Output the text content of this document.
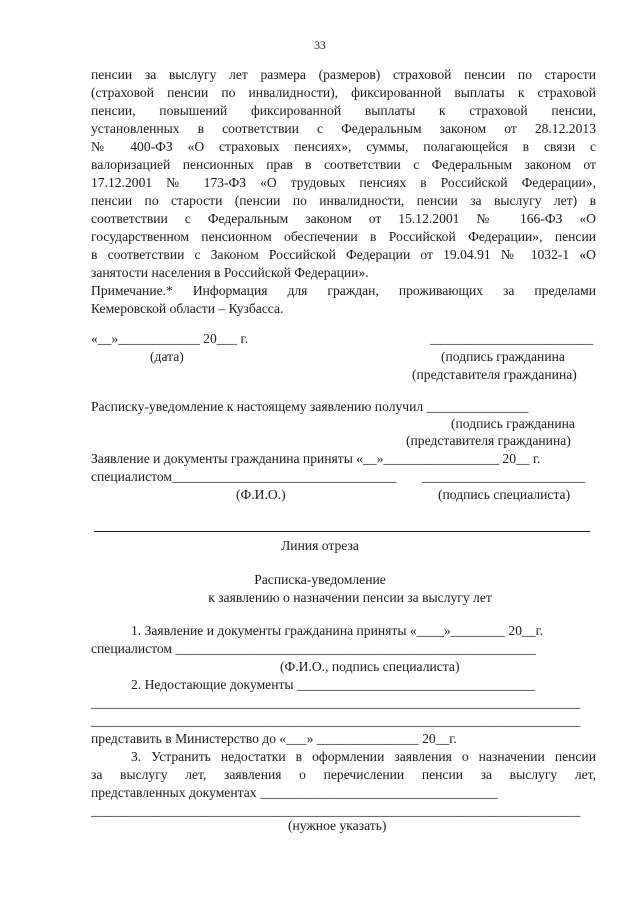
33
пенсии за выслугу лет размера (размеров) страховой пенсии по старости
(страховой пенсии по инвалидности), фиксированной выплаты к страховой
пенсии, повышений фиксированной выплаты к страховой пенсии,
установленных в соответствии с Федеральным законом от 28.12.2013
№ 400-ФЗ «О страховых пенсиях», суммы, полагающейся в связи с
валоризацией пенсионных прав в соответствии с Федеральным законом от
17.12.2001 № 173-ФЗ «О трудовых пенсиях в Российской Федерации»,
пенсии по старости (пенсии по инвалидности, пенсии за выслугу лет) в
соответствии с Федеральным законом от 15.12.2001 № 166-ФЗ «О
государственном пенсионном обеспечении в Российской Федерации», пенсии
в соответствии с Законом Российской Федерации от 19.04.91 № 1032-1 «О
занятости населения в Российской Федерации».
Примечание.* Информация для граждан, проживающих за пределами
Кемеровской области – Кузбасса.
«__»____________ 20___ г.	________________________
(дата)	(подпись гражданина
(представителя гражданина)
Расписку-уведомление к настоящему заявлению получил _______________
(подпись гражданина
(представителя гражданина)
Заявление и документы гражданина приняты «__»_________________ 20__ г.
специалистом_________________________________ ________________________
(Ф.И.О.)	(подпись специалиста)
Линия отреза
Расписка-уведомление
к заявлению о назначении пенсии за выслугу лет
1. Заявление и документы гражданина приняты «____»________ 20__г.
специалистом _____________________________________________________
(Ф.И.О., подпись специалиста)
2. Недостающие документы ___________________________________
________________________________________________________________________
________________________________________________________________________
представить в Министерство до «___» _______________ 20__г.
3. Устранить недостатки в оформлении заявления о назначении пенсии
за выслугу лет, заявления о перечислении пенсии за выслугу лет,
представленных документах ___________________________________
________________________________________________________________________
(нужное указать)
